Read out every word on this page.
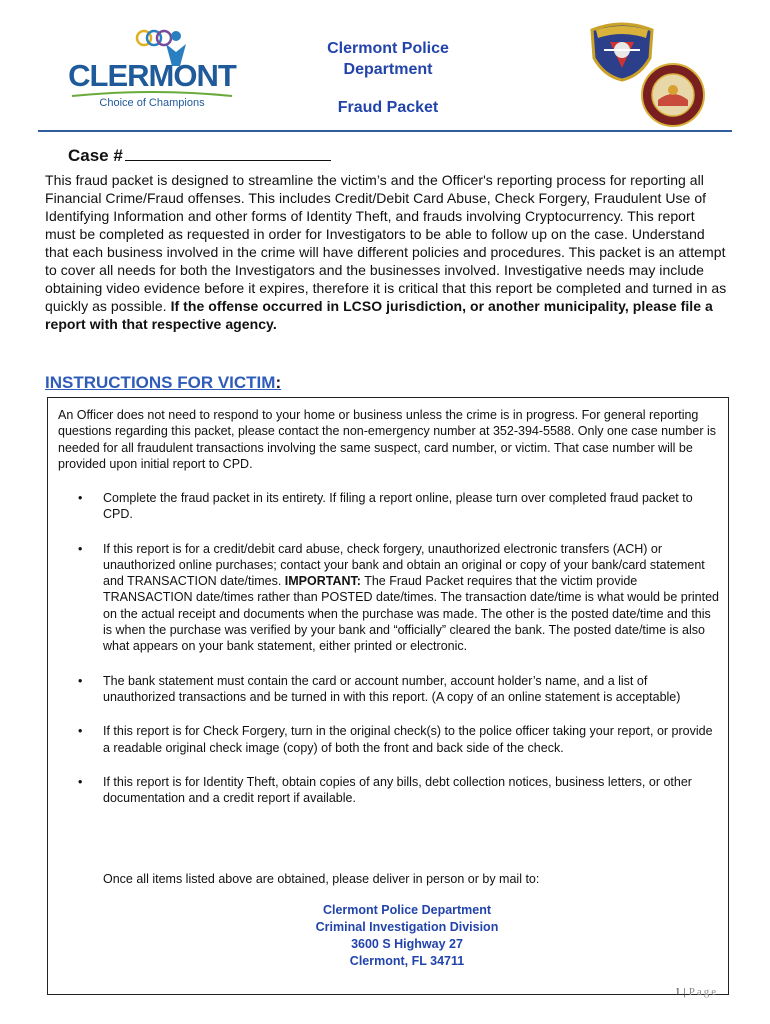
CLERMONT
Choice of Champions
Clermont Police
Department
Fraud Packet
Case #
This fraud packet is designed to streamline the victim’s and the Officer's reporting process for reporting all Financial Crime/Fraud offenses. This includes Credit/Debit Card Abuse, Check Forgery, Fraudulent Use of Identifying Information and other forms of Identity Theft, and frauds involving Cryptocurrency. This report must be completed as requested in order for Investigators to be able to follow up on the case. Understand that each business involved in the crime will have different policies and procedures. This packet is an attempt to cover all needs for both the Investigators and the businesses involved. Investigative needs may include obtaining video evidence before it expires, therefore it is critical that this report be completed and turned in as quickly as possible. If the offense occurred in LCSO jurisdiction, or another municipality, please file a report with that respective agency.
INSTRUCTIONS FOR VICTIM:
An Officer does not need to respond to your home or business unless the crime is in progress. For general reporting questions regarding this packet, please contact the non-emergency number at 352-394-5588. Only one case number is needed for all fraudulent transactions involving the same suspect, card number, or victim. That case number will be provided upon initial report to CPD.
• Complete the fraud packet in its entirety. If filing a report online, please turn over completed fraud packet to CPD.
• If this report is for a credit/debit card abuse, check forgery, unauthorized electronic transfers (ACH) or unauthorized online purchases; contact your bank and obtain an original or copy of your bank/card statement and TRANSACTION date/times. IMPORTANT: The Fraud Packet requires that the victim provide TRANSACTION date/times rather than POSTED date/times. The transaction date/time is what would be printed on the actual receipt and documents when the purchase was made. The other is the posted date/time and this is when the purchase was verified by your bank and “officially” cleared the bank. The posted date/time is also what appears on your bank statement, either printed or electronic.
• The bank statement must contain the card or account number, account holder’s name, and a list of unauthorized transactions and be turned in with this report. (A copy of an online statement is acceptable)
• If this report is for Check Forgery, turn in the original check(s) to the police officer taking your report, or provide a readable original check image (copy) of both the front and back side of the check.
• If this report is for Identity Theft, obtain copies of any bills, debt collection notices, business letters, or other documentation and a credit report if available.
Once all items listed above are obtained, please deliver in person or by mail to:
Clermont Police Department
Criminal Investigation Division
3600 S Highway 27
Clermont, FL 34711
1 | Page
